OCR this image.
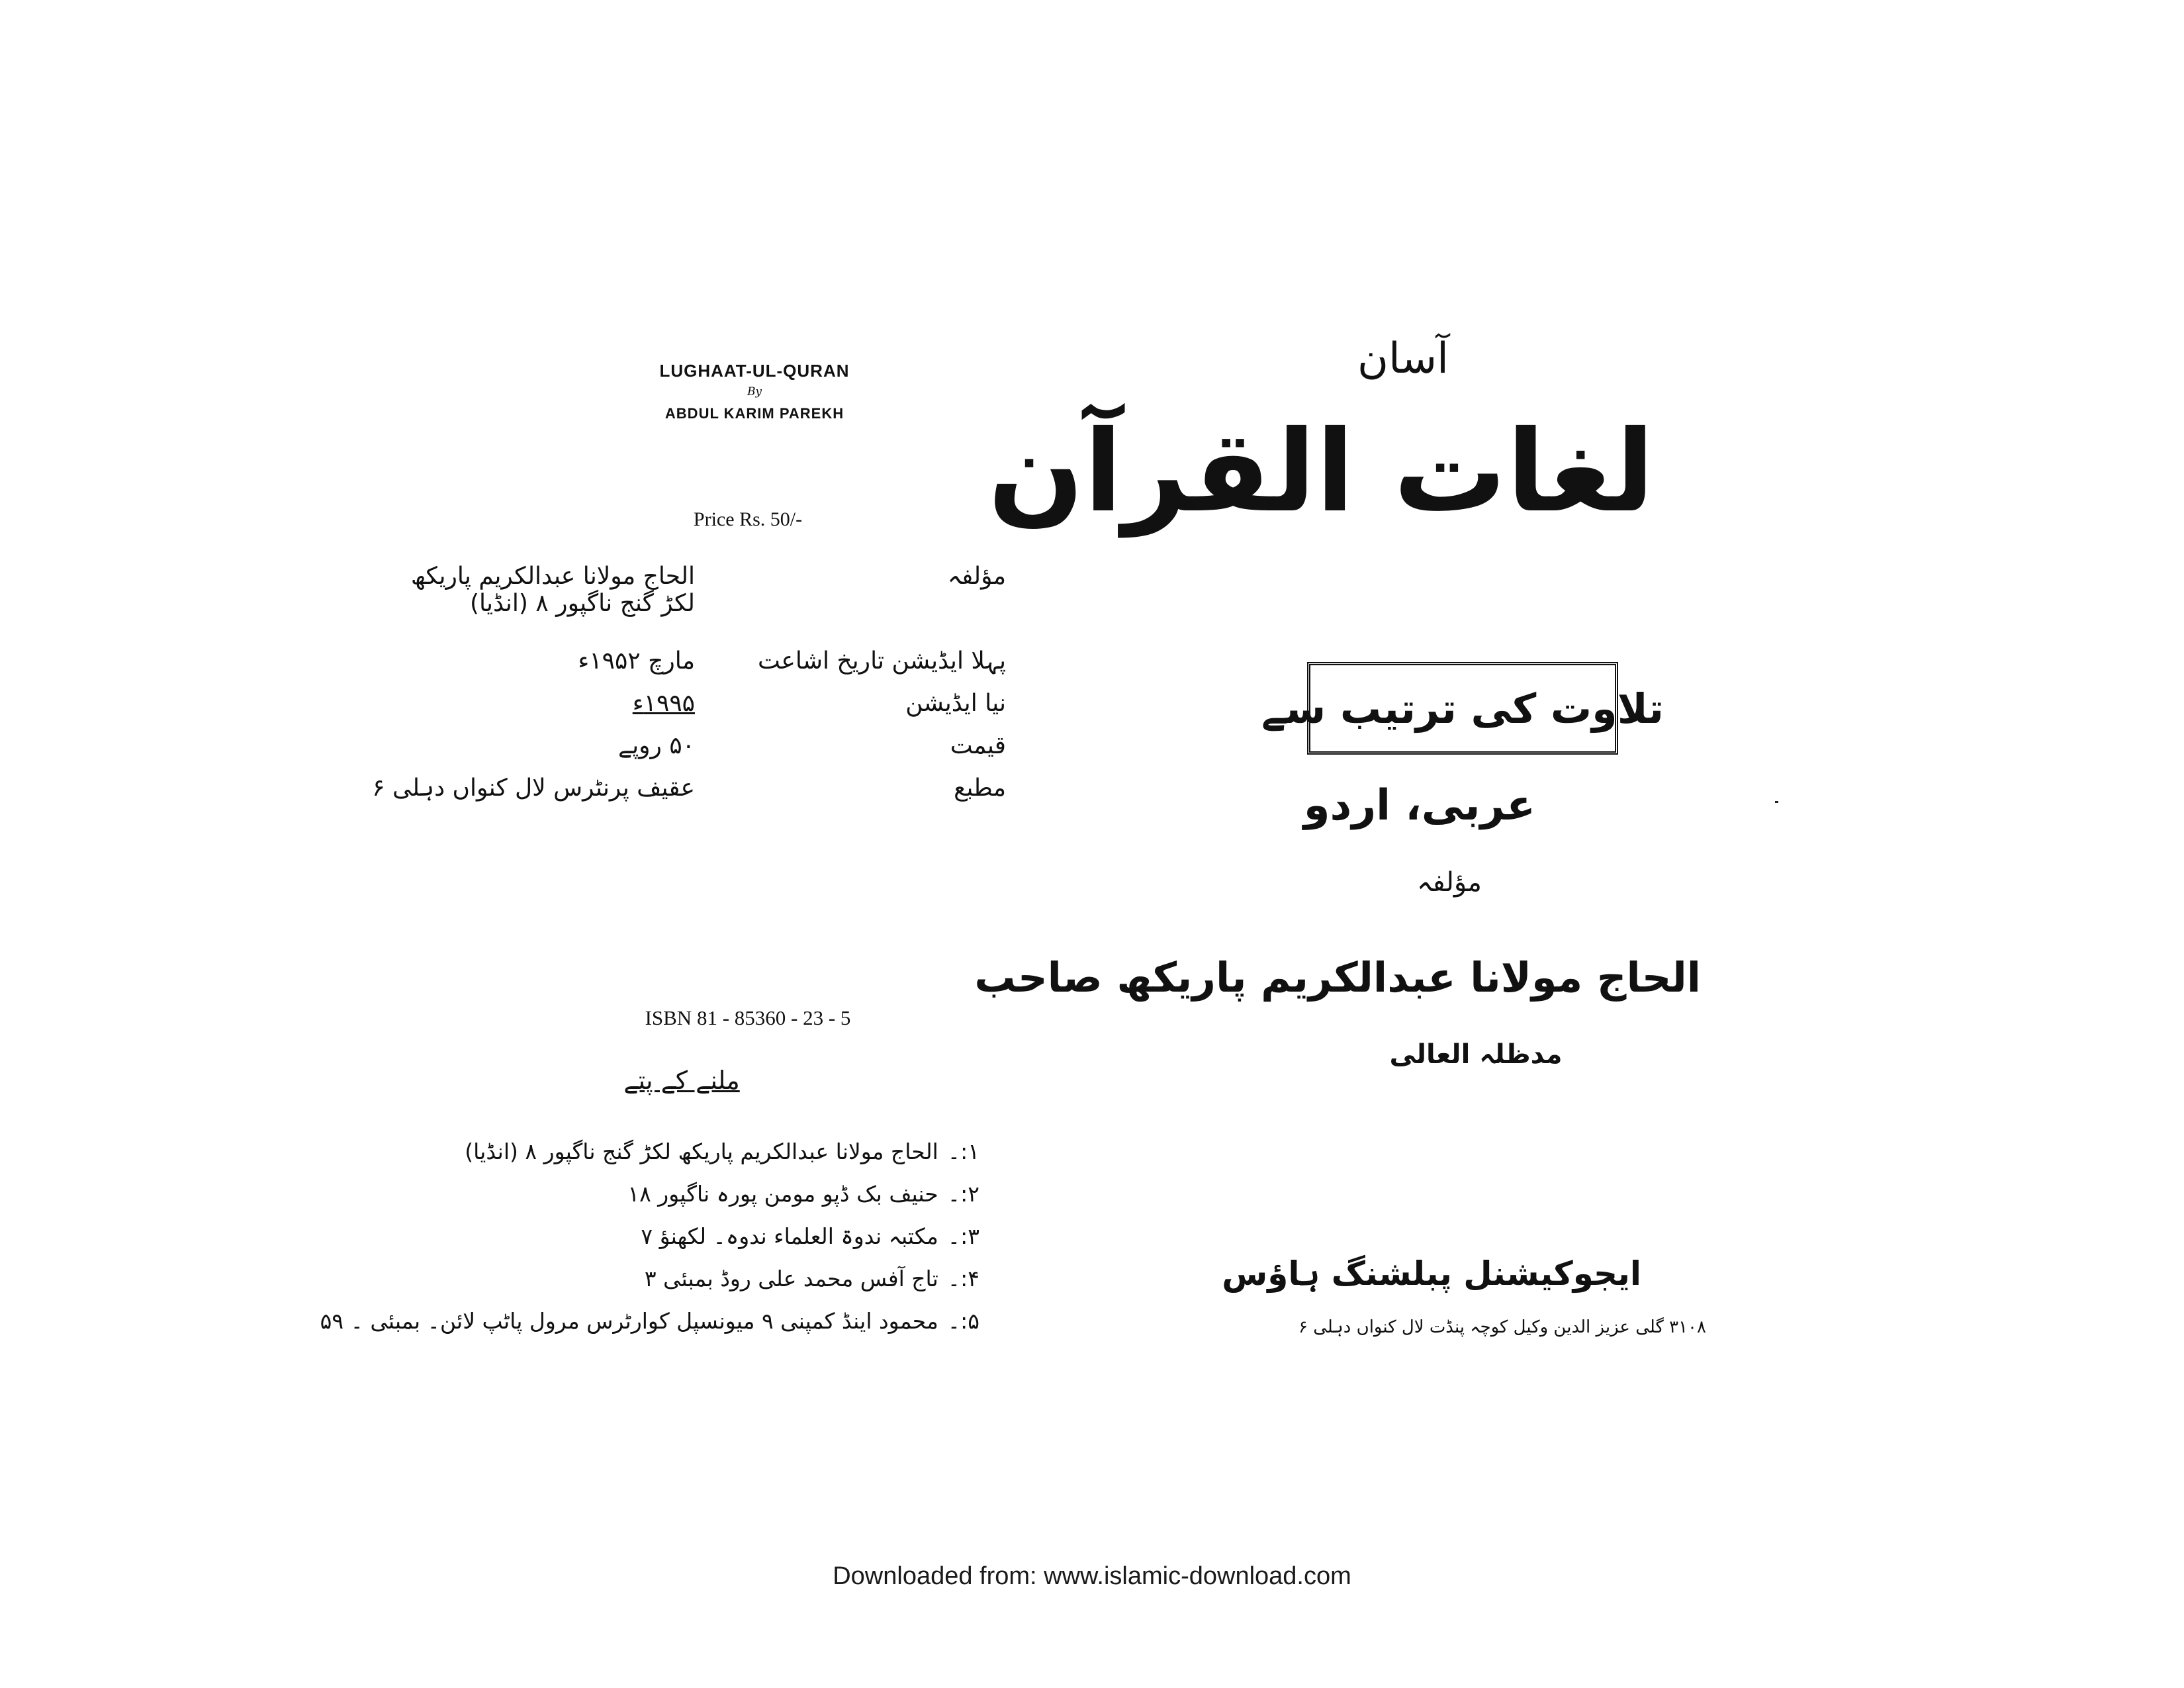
LUGHAAT-UL-QURAN
By
ABDUL KARIM PAREKH
Price Rs. 50/-
مؤلفہ
الحاج مولانا عبدالکریم پاریکھ
لکڑ گنج ناگپور ۸ (انڈیا)
پہلا ایڈیشن تاریخ اشاعت
مارچ ۱۹۵۲ء
نیا ایڈیشن
۱۹۹۵ء
قیمت
۵۰ روپے
مطبع
عقیف پرنٹرس لال کنواں دہلی ۶
ISBN 81 - 85360 - 23 - 5
ملنے کے پتے
۱:۔الحاج مولانا عبدالکریم پاریکھ لکڑ گنج ناگپور ۸ (انڈیا)
۲:۔حنیف بک ڈپو مومن پورہ ناگپور ۱۸
۳:۔مکتبہ ندوۃ العلماء ندوہ۔ لکھنؤ ۷
۴:۔تاج آفس محمد علی روڈ بمبئی ۳
۵:۔محمود اینڈ کمپنی ۹ میونسپل کوارٹرس مرول پاٹپ لائن۔ بمبئی ۔ ۵۹
آسان
لغات القرآن
تلاوت کی ترتیب سے
عربی، اردو
مؤلفہ
الحاج مولانا عبدالکریم پاریکھ صاحب
مدظلہ العالی
ایجوکیشنل پبلشنگ ہاؤس
۳۱۰۸ گلی عزیز الدین وکیل کوچہ پنڈت لال کنواں دہلی ۶
Downloaded from: www.islamic-download.com
